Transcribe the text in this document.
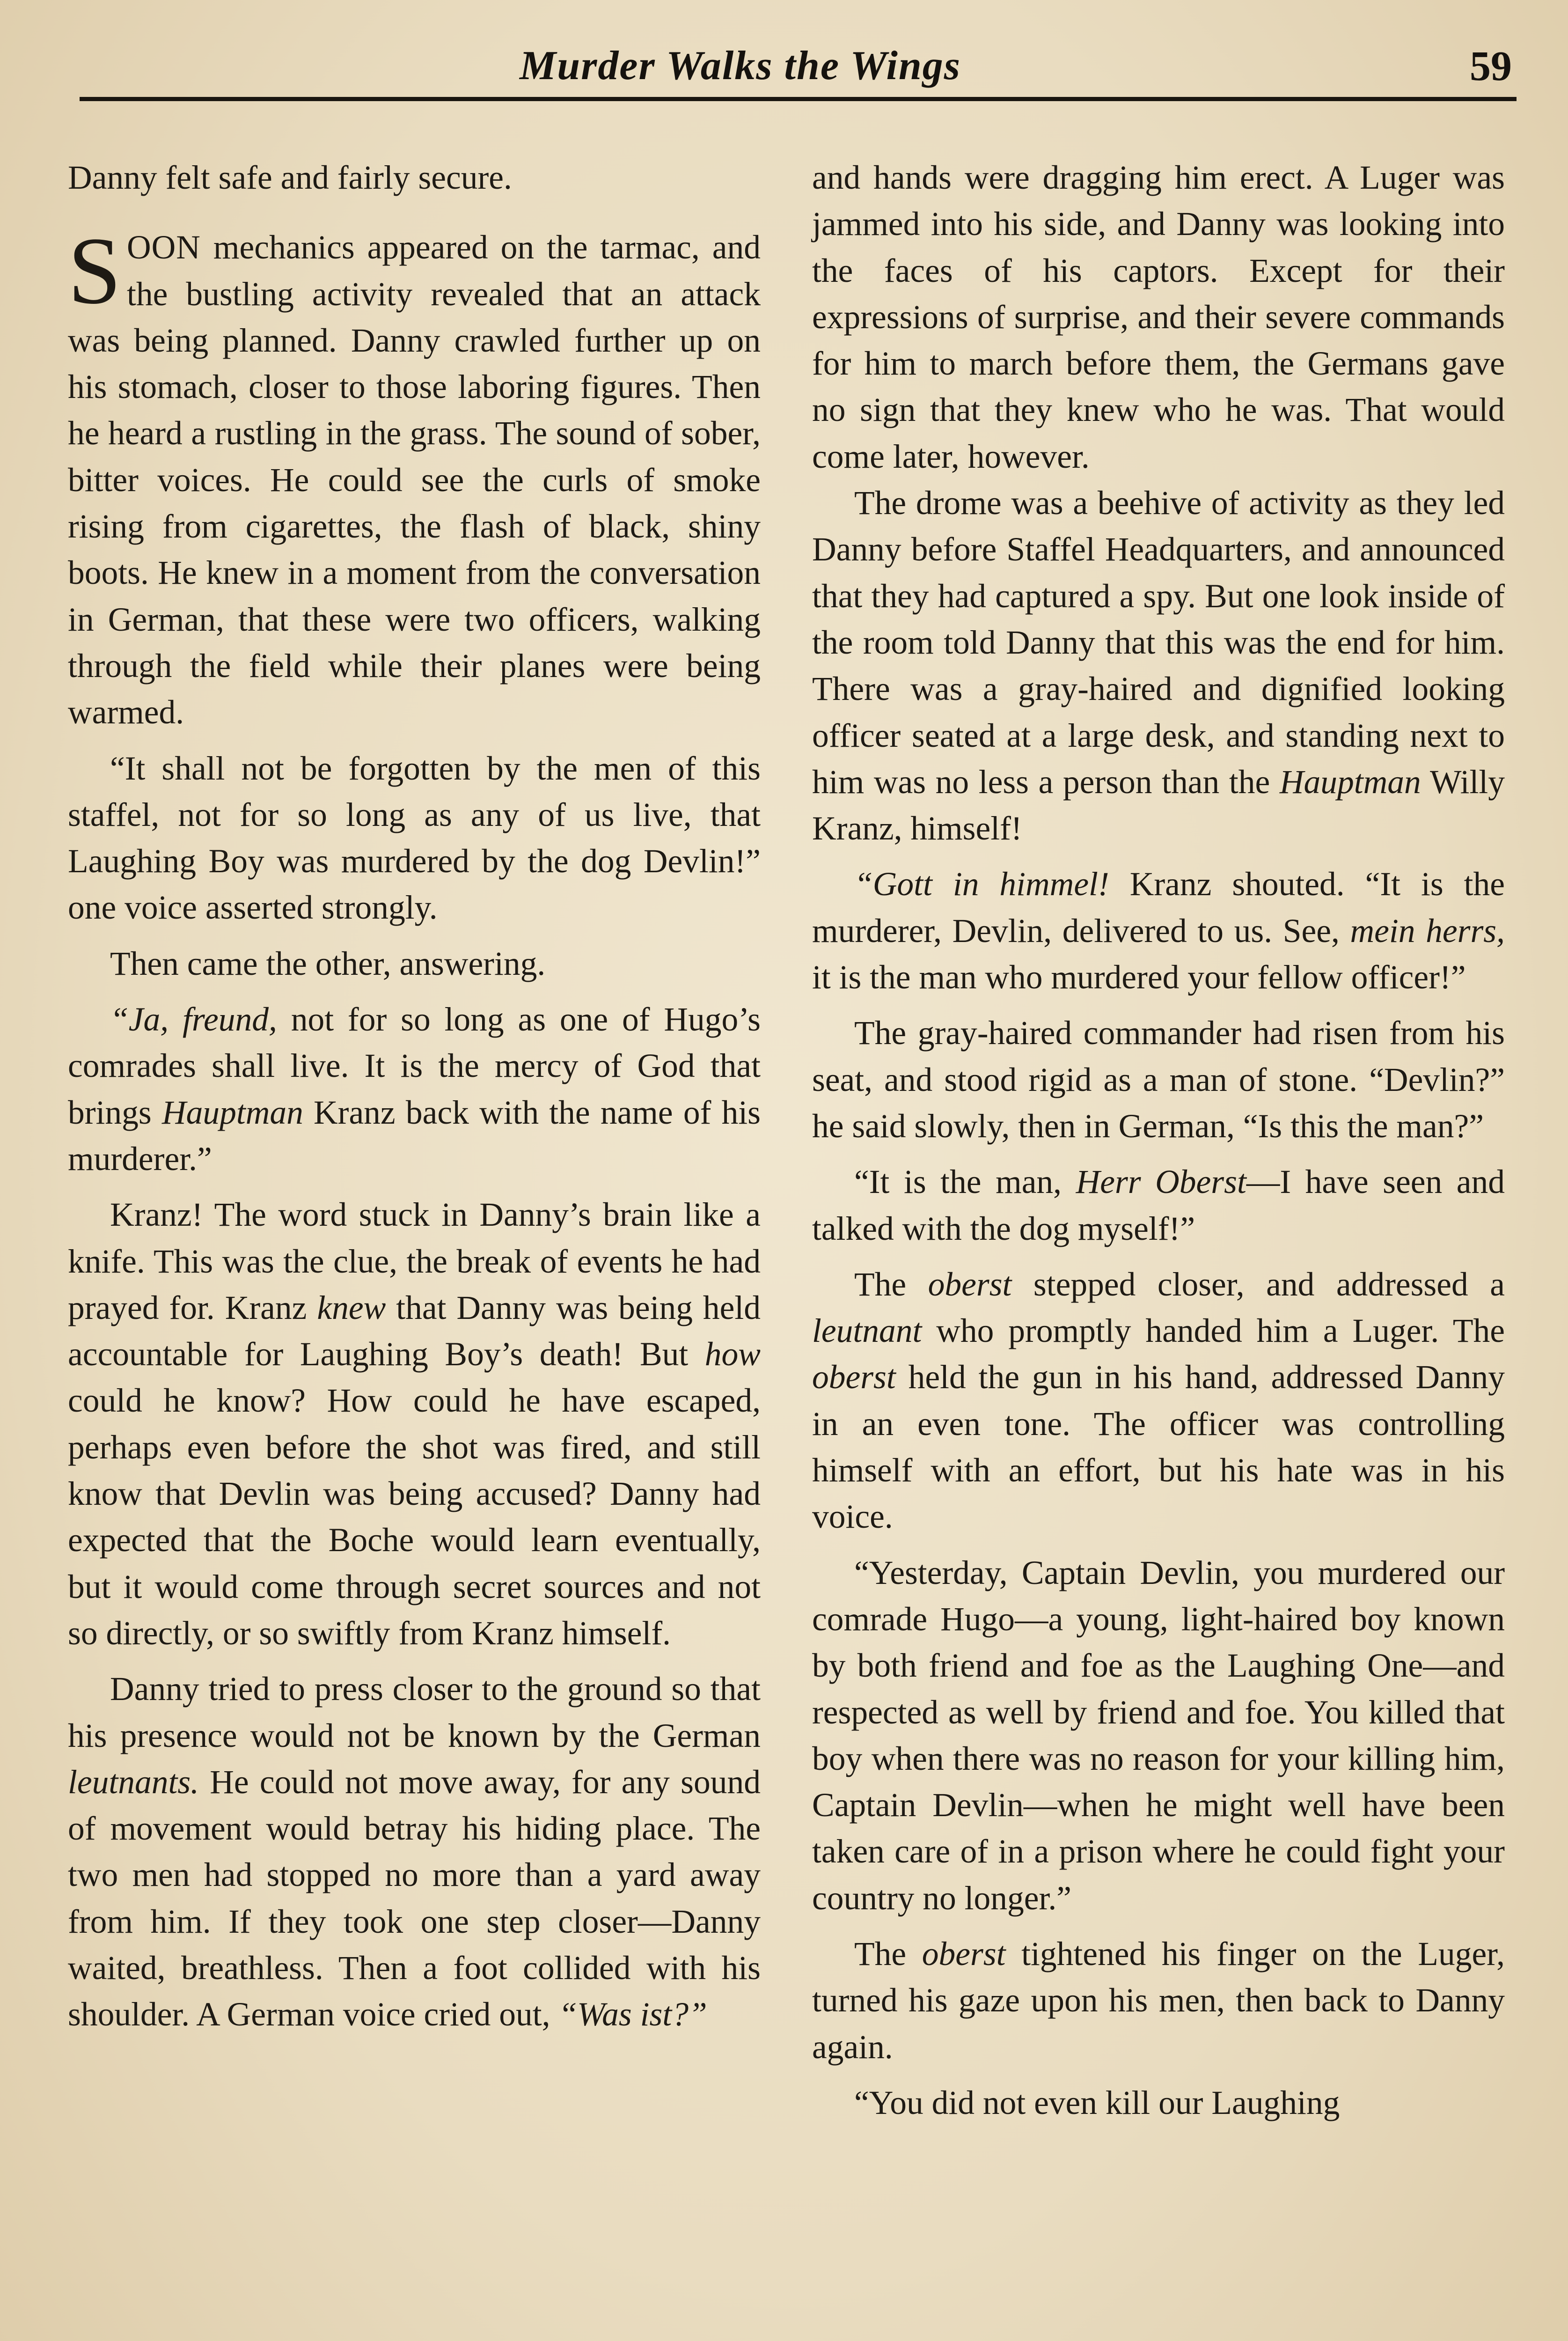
Murder Walks the Wings	59

Danny felt safe and fairly secure.

SOON mechanics appeared on the tarmac, and the bustling activity revealed that an attack was being planned. Danny crawled further up on his stomach, closer to those laboring figures. Then he heard a rustling in the grass. The sound of sober, bitter voices. He could see the curls of smoke rising from cigarettes, the flash of black, shiny boots. He knew in a moment from the conversation in German, that these were two officers, walking through the field while their planes were being warmed.

“It shall not be forgotten by the men of this staffel, not for so long as any of us live, that Laughing Boy was murdered by the dog Devlin!” one voice asserted strongly.

Then came the other, answering.

“Ja, freund, not for so long as one of Hugo’s comrades shall live. It is the mercy of God that brings Hauptman Kranz back with the name of his murderer.”

Kranz! The word stuck in Danny’s brain like a knife. This was the clue, the break of events he had prayed for. Kranz knew that Danny was being held accountable for Laughing Boy’s death! But how could he know? How could he have escaped, perhaps even before the shot was fired, and still know that Devlin was being accused? Danny had expected that the Boche would learn eventually, but it would come through secret sources and not so directly, or so swiftly from Kranz himself.

Danny tried to press closer to the ground so that his presence would not be known by the German leutnants. He could not move away, for any sound of movement would betray his hiding place. The two men had stopped no more than a yard away from him. If they took one step closer—Danny waited, breathless. Then a foot collided with his shoulder. A German voice cried out, “Was ist?”

and hands were dragging him erect. A Luger was jammed into his side, and Danny was looking into the faces of his captors. Except for their expressions of surprise, and their severe commands for him to march before them, the Germans gave no sign that they knew who he was. That would come later, however.

The drome was a beehive of activity as they led Danny before Staffel Headquarters, and announced that they had captured a spy. But one look inside of the room told Danny that this was the end for him. There was a gray-haired and dignified looking officer seated at a large desk, and standing next to him was no less a person than the Hauptman Willy Kranz, himself!

“Gott in himmel! Kranz shouted. “It is the murderer, Devlin, delivered to us. See, mein herrs, it is the man who murdered your fellow officer!”

The gray-haired commander had risen from his seat, and stood rigid as a man of stone. “Devlin?” he said slowly, then in German, “Is this the man?”

“It is the man, Herr Oberst—I have seen and talked with the dog myself!”

The oberst stepped closer, and addressed a leutnant who promptly handed him a Luger. The oberst held the gun in his hand, addressed Danny in an even tone. The officer was controlling himself with an effort, but his hate was in his voice.

“Yesterday, Captain Devlin, you murdered our comrade Hugo—a young, light-haired boy known by both friend and foe as the Laughing One—and respected as well by friend and foe. You killed that boy when there was no reason for your killing him, Captain Devlin—when he might well have been taken care of in a prison where he could fight your country no longer.”

The oberst tightened his finger on the Luger, turned his gaze upon his men, then back to Danny again.

“You did not even kill our Laughing
